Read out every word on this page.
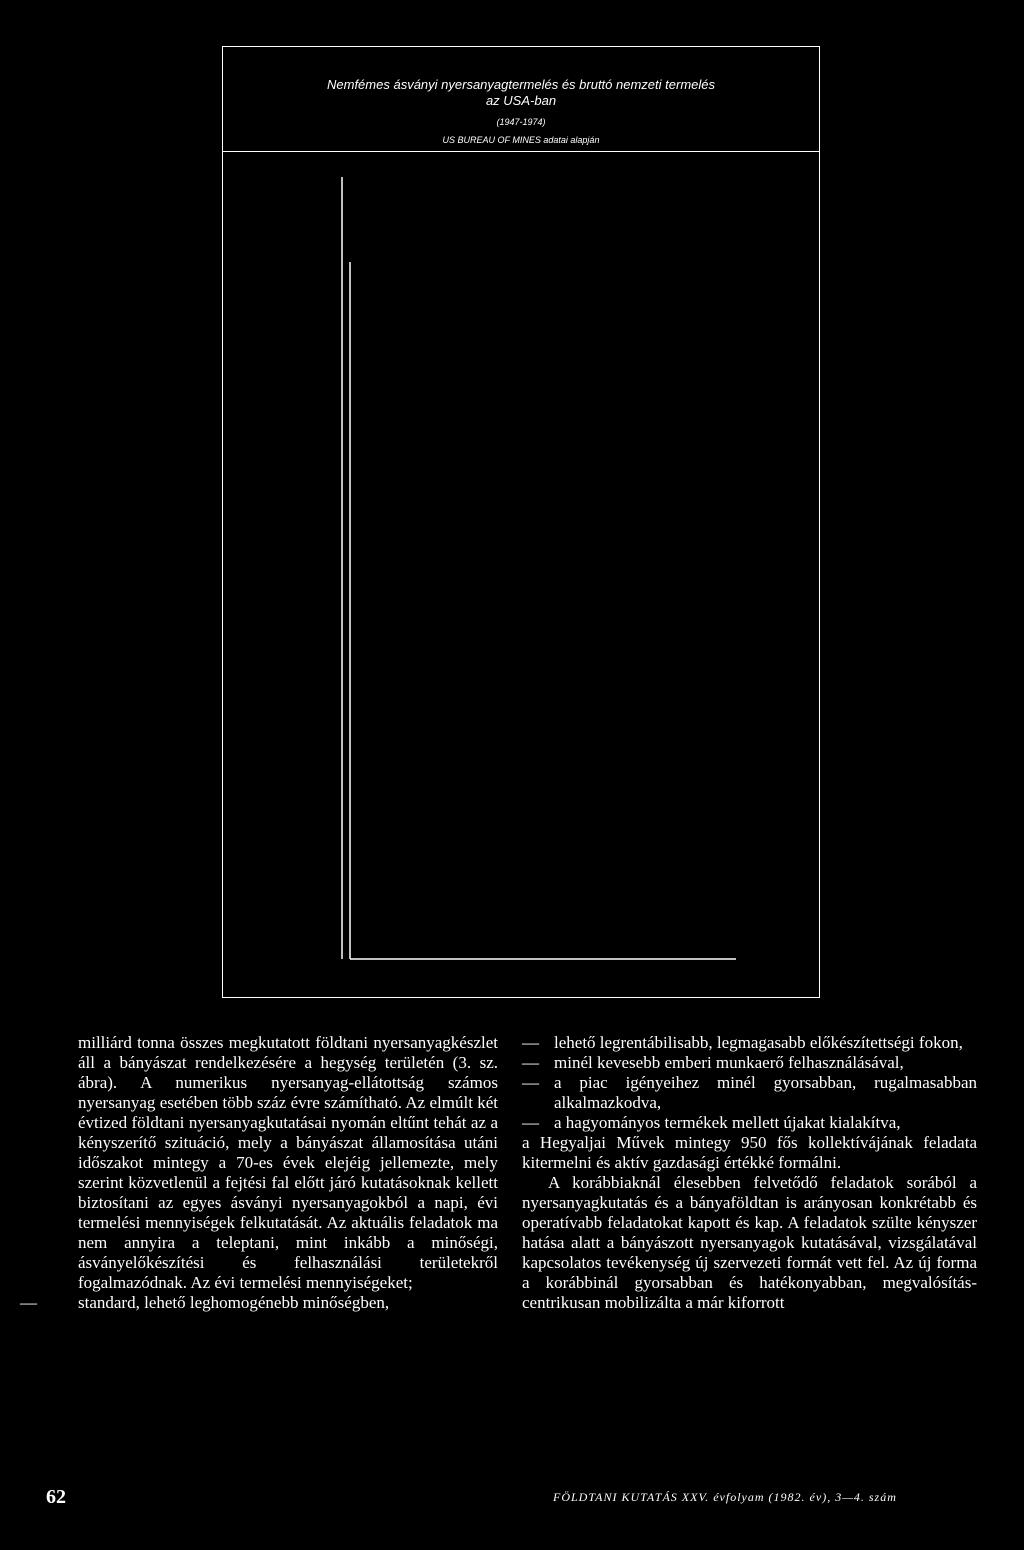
Nemfémes ásványi nyersanyagtermelés és bruttó nemzeti termelés
az USA-ban
(1947-1974)
US BUREAU OF MINES adatai alapján

milliárd tonna összes megkutatott földtani nyersanyagkészlet áll a bányászat rendelkezésére a hegység területén (3. sz. ábra). A numerikus nyersanyag-ellátottság számos nyersanyag esetében több száz évre számítható. Az elmúlt két évtized földtani nyersanyagkutatásai nyomán eltűnt tehát az a kényszerítő szituáció, mely a bányászat államosítása utáni időszakot mintegy a 70-es évek elejéig jellemezte, mely szerint közvetlenül a fejtési fal előtt járó kutatásoknak kellett biztosítani az egyes ásványi nyersanyagokból a napi, évi termelési mennyiségek felkutatását. Az aktuális feladatok ma nem annyira a teleptani, mint inkább a minőségi, ásványelőkészítési és felhasználási területekről fogalmazódnak. Az évi termelési mennyiségeket;

— standard, lehető leghomogénebb minőségben,

— lehető legrentábilisabb, legmagasabb előkészítettségi fokon,

— minél kevesebb emberi munkaerő felhasználásával,

— a piac igényeihez minél gyorsabban, rugalmasabban alkalmazkodva,

— a hagyományos termékek mellett újakat kialakítva,

a Hegyaljai Művek mintegy 950 fős kollektívájának feladata kitermelni és aktív gazdasági értékké formálni.

A korábbiaknál élesebben felvetődő feladatok sorából a nyersanyagkutatás és a bányaföldtan is arányosan konkrétabb és operatívabb feladatokat kapott és kap. A feladatok szülte kényszer hatása alatt a bányászott nyersanyagok kutatásával, vizsgálatával kapcsolatos tevékenység új szervezeti formát vett fel. Az új forma a korábbinál gyorsabban és hatékonyabban, megvalósítás-centrikusan mobilizálta a már kiforrott

62	FÖLDTANI KUTATÁS XXV. évfolyam (1982. év), 3—4. szám
